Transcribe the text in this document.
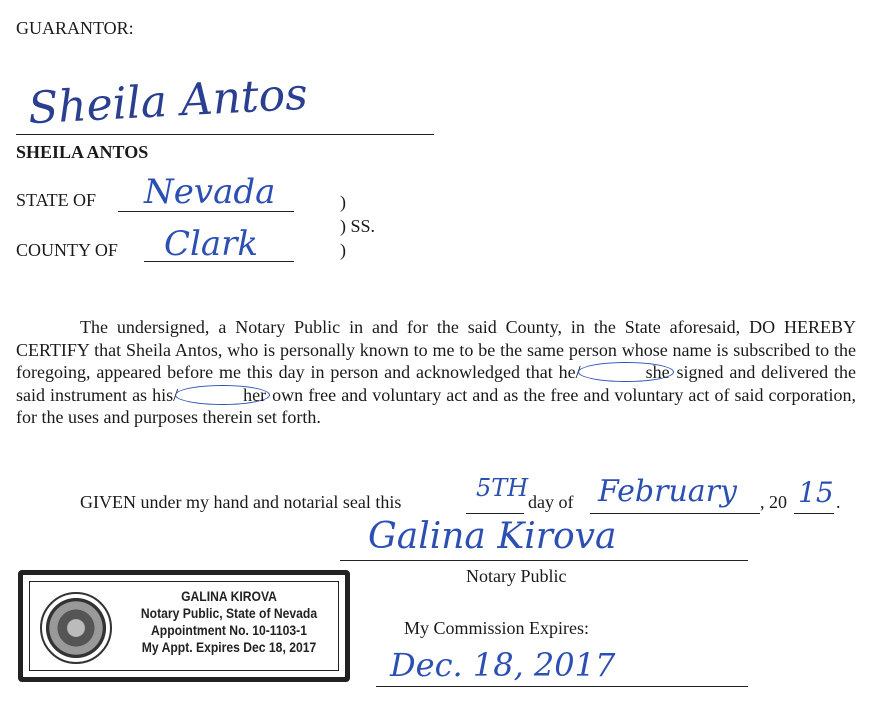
GUARANTOR:
Sheila Antos
SHEILA ANTOS
STATE OF Nevada
COUNTY OF Clark
)
) SS.
)
The undersigned, a Notary Public in and for the said County, in the State aforesaid, DO HEREBY CERTIFY that Sheila Antos, who is personally known to me to be the same person whose name is subscribed to the foregoing, appeared before me this day in person and acknowledged that he/	she signed and delivered the said instrument as his/	her own free and voluntary act and as the free and voluntary act of said corporation, for the uses and purposes therein set forth.
GIVEN under my hand and notarial seal this	5TH day of February , 20 15 .
Galina Kirova
Notary Public
My Commission Expires:
Dec. 18, 2017
GALINA KIROVA
Notary Public, State of Nevada
Appointment No. 10-1103-1
My Appt. Expires Dec 18, 2017
